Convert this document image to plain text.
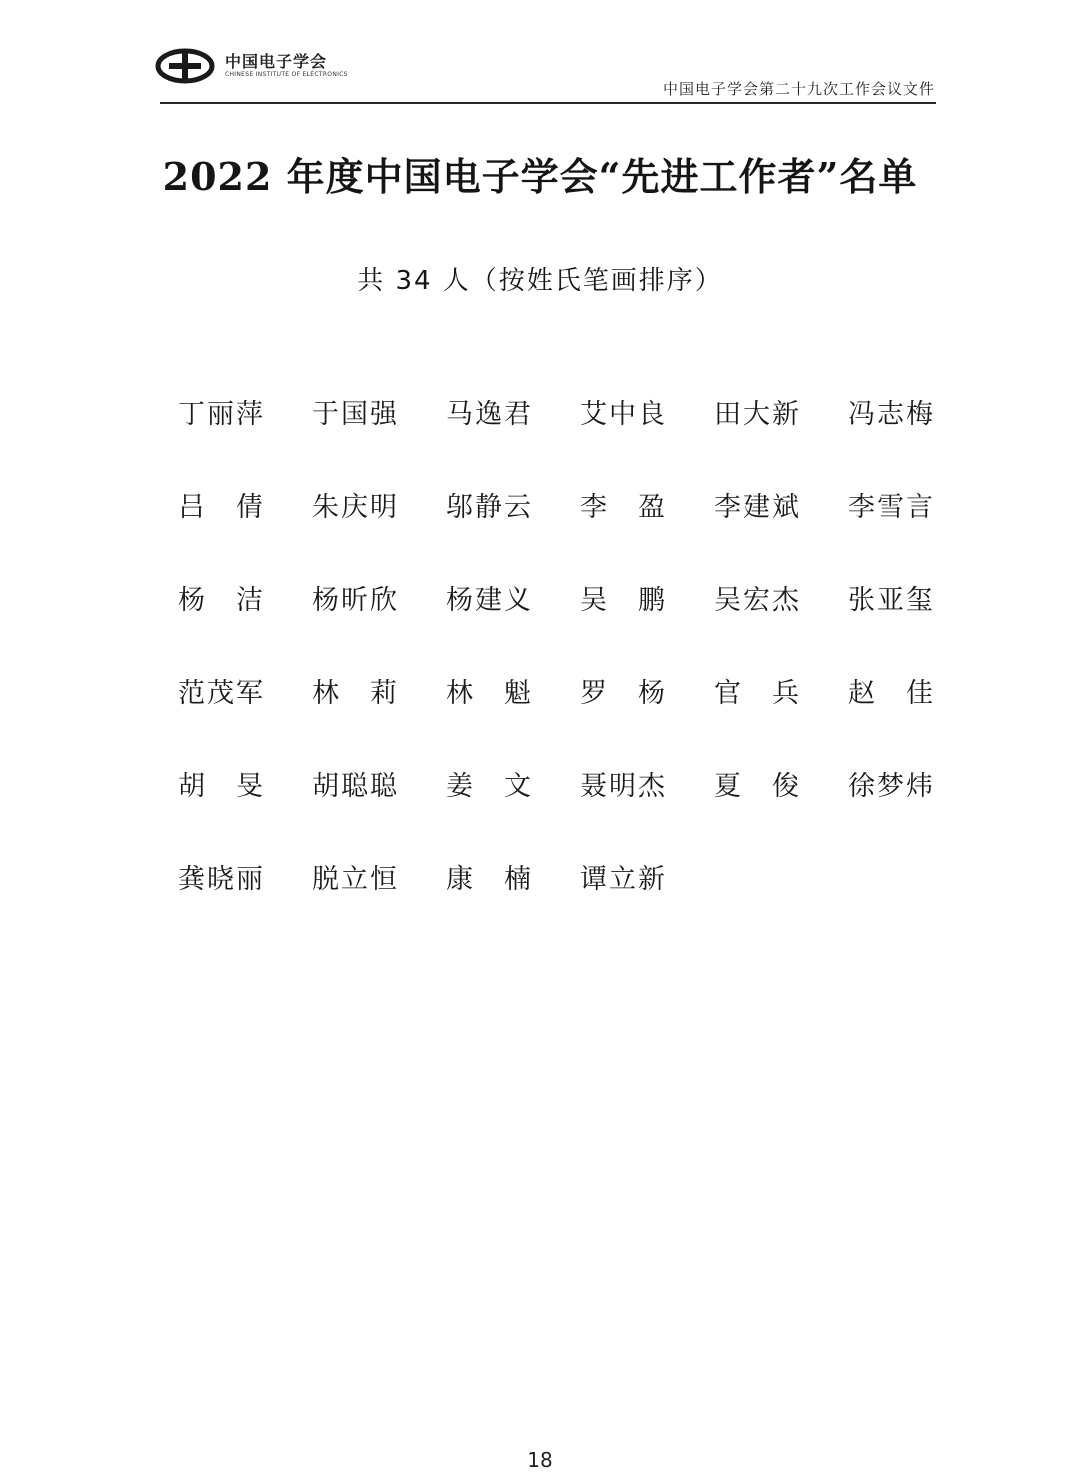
中国电子学会
CHINESE INSTITUTE OF ELECTRONICS
中国电子学会第二十九次工作会议文件
2022 年度中国电子学会“先进工作者”名单
共 34 人（按姓氏笔画排序）
丁丽萍	于国强	马逸君	艾中良	田大新	冯志梅
吕　倩	朱庆明	邬静云	李　盈	李建斌	李雪言
杨　洁	杨昕欣	杨建义	吴　鹏	吴宏杰	张亚玺
范茂军	林　莉	林　魁	罗　杨	官　兵	赵　佳
胡　旻	胡聪聪	姜　文	聂明杰	夏　俊	徐梦炜
龚晓丽	脱立恒	康　楠	谭立新
18
